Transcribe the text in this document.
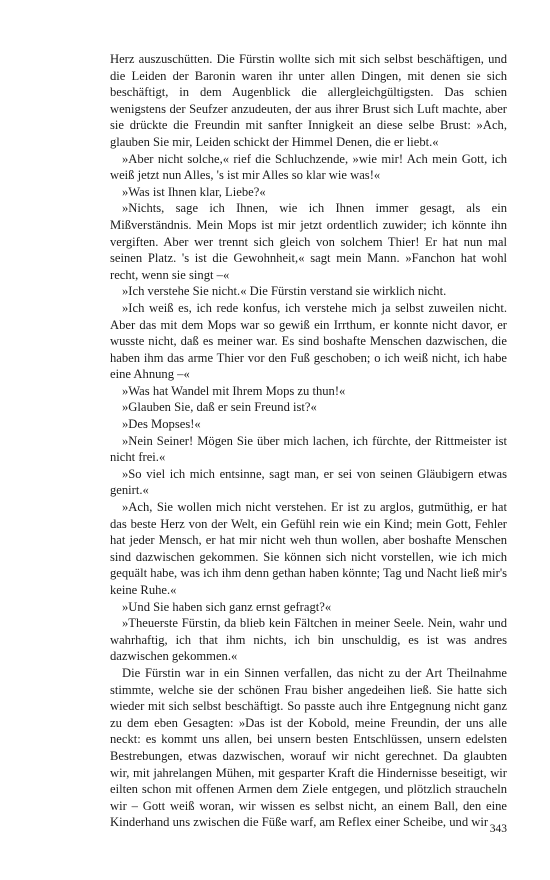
Herz auszuschütten. Die Fürstin wollte sich mit sich selbst beschäftigen, und die Leiden der Baronin waren ihr unter allen Dingen, mit denen sie sich beschäftigt, in dem Augenblick die allergleichgültigsten. Das schien wenigstens der Seufzer anzudeuten, der aus ihrer Brust sich Luft machte, aber sie drückte die Freundin mit sanfter Innigkeit an diese selbe Brust: »Ach, glauben Sie mir, Leiden schickt der Himmel Denen, die er liebt.«

»Aber nicht solche,« rief die Schluchzende, »wie mir! Ach mein Gott, ich weiß jetzt nun Alles, 's ist mir Alles so klar wie was!«

»Was ist Ihnen klar, Liebe?«

»Nichts, sage ich Ihnen, wie ich Ihnen immer gesagt, als ein Mißverständnis. Mein Mops ist mir jetzt ordentlich zuwider; ich könnte ihn vergiften. Aber wer trennt sich gleich von solchem Thier! Er hat nun mal seinen Platz. 's ist die Gewohnheit,« sagt mein Mann. »Fanchon hat wohl recht, wenn sie singt –«

»Ich verstehe Sie nicht.« Die Fürstin verstand sie wirklich nicht.

»Ich weiß es, ich rede konfus, ich verstehe mich ja selbst zuweilen nicht. Aber das mit dem Mops war so gewiß ein Irrthum, er konnte nicht davor, er wusste nicht, daß es meiner war. Es sind boshafte Menschen dazwischen, die haben ihm das arme Thier vor den Fuß geschoben; o ich weiß nicht, ich habe eine Ahnung –«

»Was hat Wandel mit Ihrem Mops zu thun!«

»Glauben Sie, daß er sein Freund ist?«

»Des Mopses!«

»Nein Seiner! Mögen Sie über mich lachen, ich fürchte, der Rittmeister ist nicht frei.«

»So viel ich mich entsinne, sagt man, er sei von seinen Gläubigern etwas genirt.«

»Ach, Sie wollen mich nicht verstehen. Er ist zu arglos, gutmüthig, er hat das beste Herz von der Welt, ein Gefühl rein wie ein Kind; mein Gott, Fehler hat jeder Mensch, er hat mir nicht weh thun wollen, aber boshafte Menschen sind dazwischen gekommen. Sie können sich nicht vorstellen, wie ich mich gequält habe, was ich ihm denn gethan haben könnte; Tag und Nacht ließ mir's keine Ruhe.«

»Und Sie haben sich ganz ernst gefragt?«

»Theuerste Fürstin, da blieb kein Fältchen in meiner Seele. Nein, wahr und wahrhaftig, ich that ihm nichts, ich bin unschuldig, es ist was andres dazwischen gekommen.«

Die Fürstin war in ein Sinnen verfallen, das nicht zu der Art Theilnahme stimmte, welche sie der schönen Frau bisher angedeihen ließ. Sie hatte sich wieder mit sich selbst beschäftigt. So passte auch ihre Entgegnung nicht ganz zu dem eben Gesagten: »Das ist der Kobold, meine Freundin, der uns alle neckt: es kommt uns allen, bei unsern besten Entschlüssen, unsern edelsten Bestrebungen, etwas dazwischen, worauf wir nicht gerechnet. Da glaubten wir, mit jahrelangen Mühen, mit gesparter Kraft die Hindernisse beseitigt, wir eilten schon mit offenen Armen dem Ziele entgegen, und plötzlich straucheln wir – Gott weiß woran, wir wissen es selbst nicht, an einem Ball, den eine Kinderhand uns zwischen die Füße warf, am Reflex einer Scheibe, und wir 343
